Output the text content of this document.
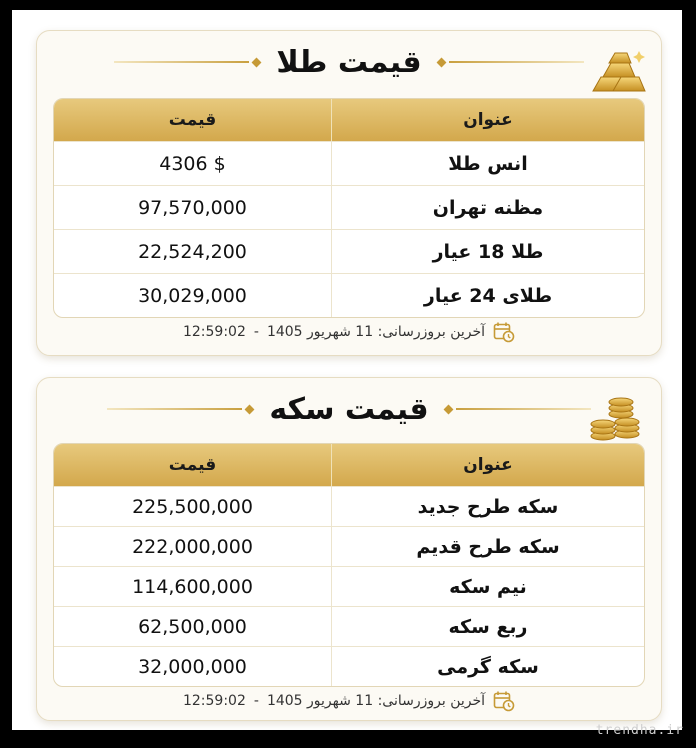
قیمت طلا
عنوان	قیمت
انس طلا	4306 $
مظنه تهران	97,570,000
طلا 18 عیار	22,524,200
طلای 24 عیار	30,029,000
آخرین بروزرسانی:

11 شهریور 1405
-
12:59:02
قیمت سکه
عنوان	قیمت
سکه طرح جدید	225,500,000
سکه طرح قدیم	222,000,000
نیم سکه	114,600,000
ربع سکه	62,500,000
سکه گرمی	32,000,000
آخرین بروزرسانی:

11 شهریور 1405
-
12:59:02
trendha.ir
